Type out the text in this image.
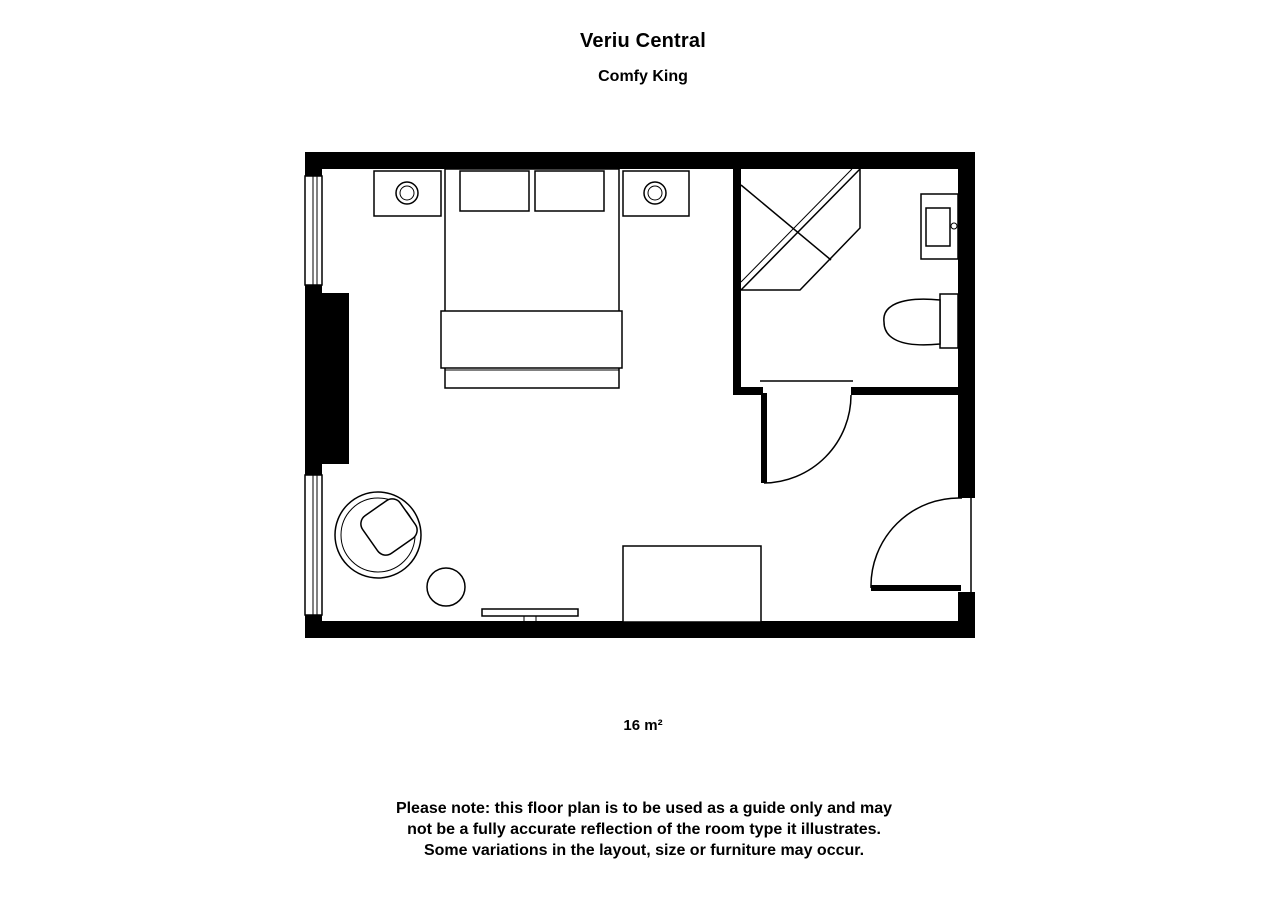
Veriu Central
Comfy King
16 m²
Please note: this floor plan is to be used as a guide only and may
not be a fully accurate reflection of the room type it illustrates.
Some variations in the layout, size or furniture may occur.
